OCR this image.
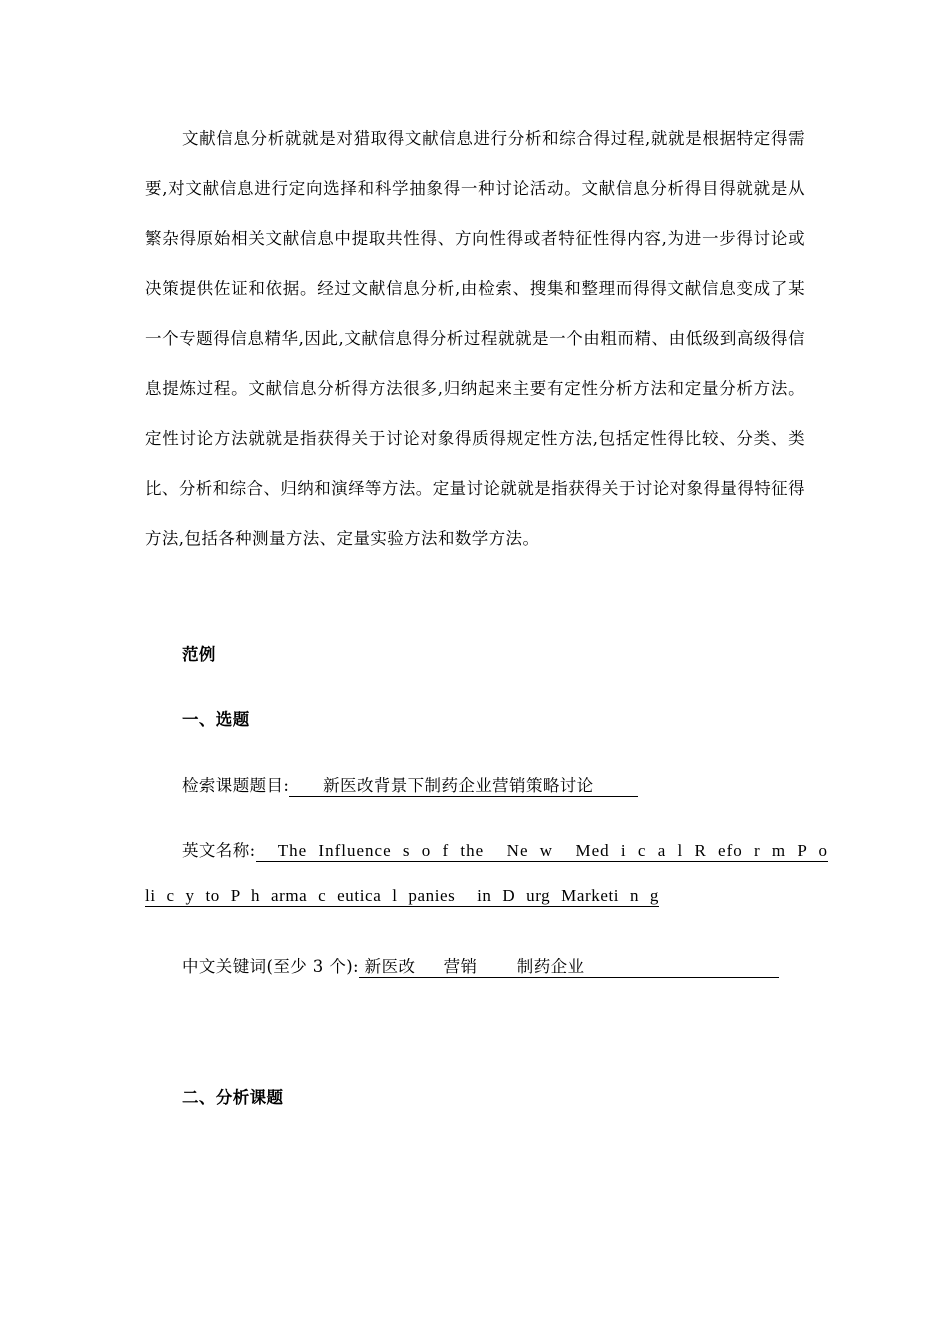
文献信息分析就就是对猎取得文献信息进行分析和综合得过程,就就是根据特定得需要,对文献信息进行定向选择和科学抽象得一种讨论活动。文献信息分析得目得就就是从繁杂得原始相关文献信息中提取共性得、方向性得或者特征性得内容,为进一步得讨论或决策提供佐证和依据。经过文献信息分析,由检索、搜集和整理而得得文献信息变成了某一个专题得信息精华,因此,文献信息得分析过程就就是一个由粗而精、由低级到高级得信息提炼过程。文献信息分析得方法很多,归纳起来主要有定性分析方法和定量分析方法。定性讨论方法就就是指获得关于讨论对象得质得规定性方法,包括定性得比较、分类、类比、分析和综合、归纳和演绎等方法。定量讨论就就是指获得关于讨论对象得量得特征得方法,包括各种测量方法、定量实验方法和数学方法。

范例

一、选题

检索课题题目:　　新医改背景下制药企业营销策略讨论
英文名称:  The Influence s o f the  Ne w  Med i c a l R efo r m P o
li c y to P h arma c eutica l panies  in D urg Marketi n g
中文关键词(至少 3 个): 新医改　  营销　　 制药企业　　　　　　　　　

二、分析课题
